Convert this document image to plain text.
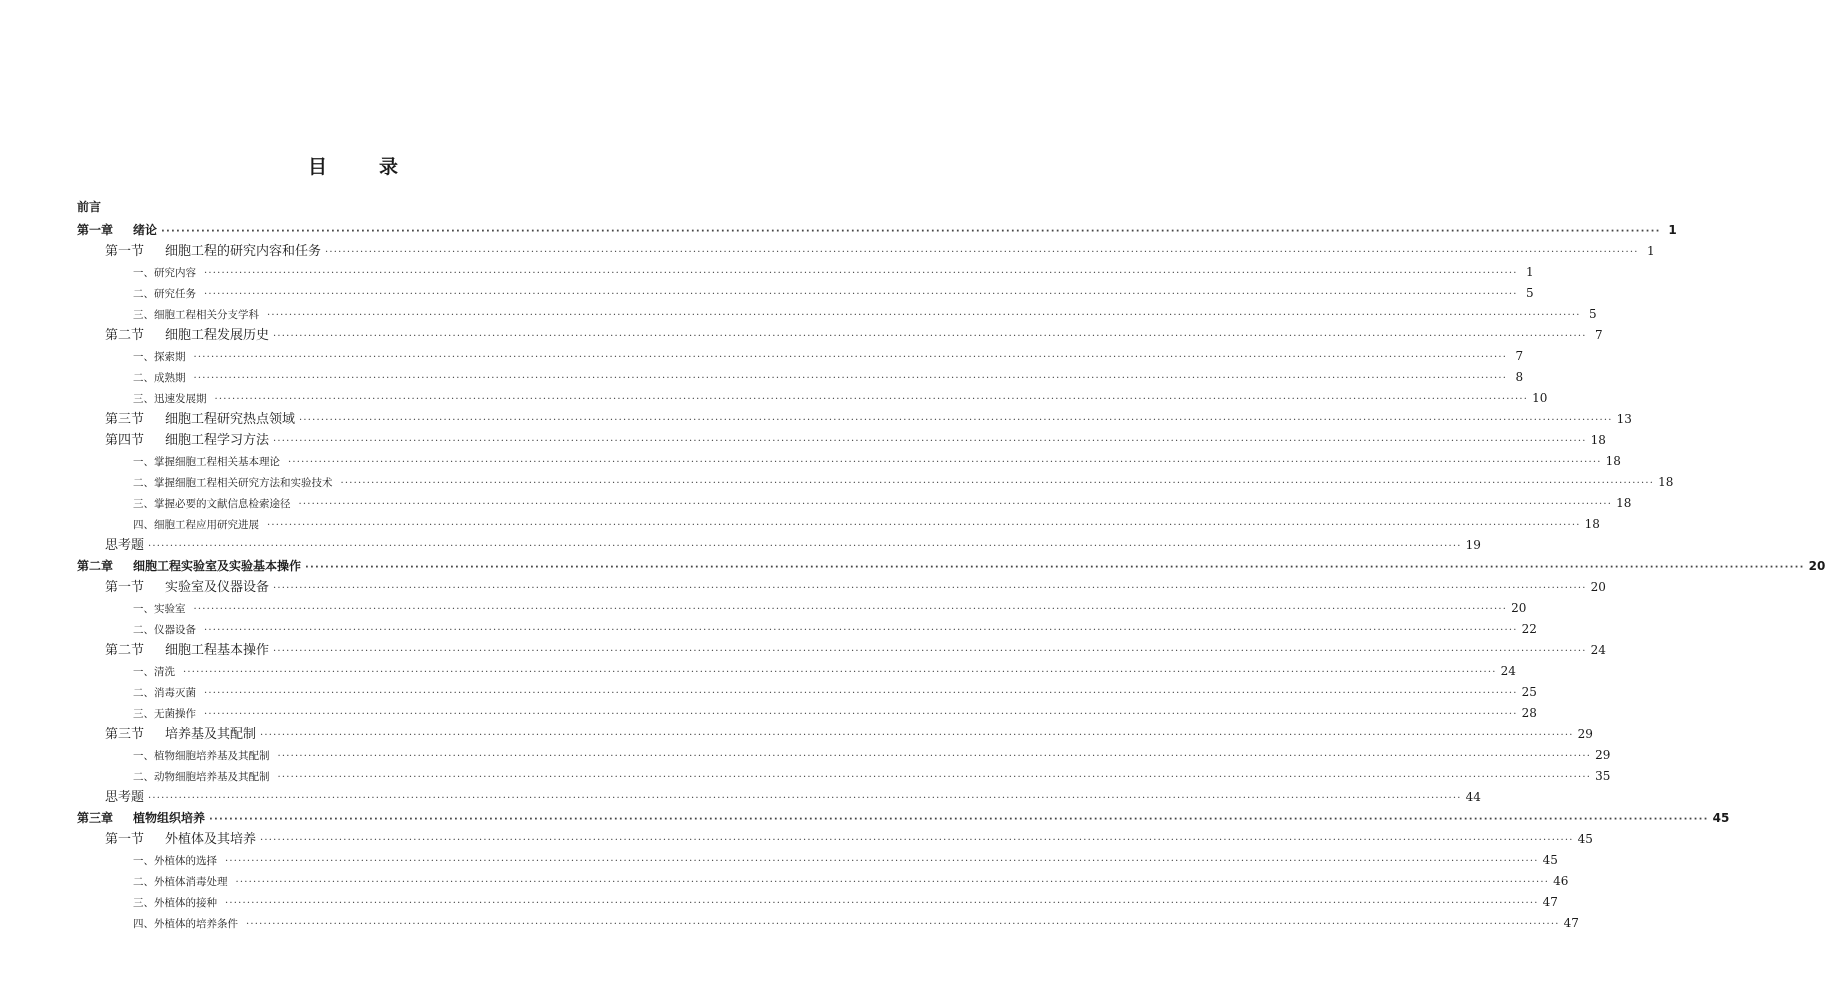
目	录
前言
第一章 绪论 ············································································································································································································································································································ 1
第一节 细胞工程的研究内容和任务 ············································································································································································································································································································ 1
一、研究内容 ············································································································································································································································································································ 1
二、研究任务 ············································································································································································································································································································ 5
三、细胞工程相关分支学科 ············································································································································································································································································································ 5
第二节 细胞工程发展历史 ············································································································································································································································································································ 7
一、探索期 ············································································································································································································································································································ 7
二、成熟期 ············································································································································································································································································································ 8
三、迅速发展期 ············································································································································································································································································································ 10
第三节 细胞工程研究热点领域 ············································································································································································································································································································ 13
第四节 细胞工程学习方法 ············································································································································································································································································································ 18
一、掌握细胞工程相关基本理论 ············································································································································································································································································································ 18
二、掌握细胞工程相关研究方法和实验技术 ············································································································································································································································································································ 18
三、掌握必要的文献信息检索途径 ············································································································································································································································································································ 18
四、细胞工程应用研究进展 ············································································································································································································································································································ 18
思考题 ············································································································································································································································································································ 19
第二章 细胞工程实验室及实验基本操作 ············································································································································································································································································································ 20
第一节 实验室及仪器设备 ············································································································································································································································································································ 20
一、实验室 ············································································································································································································································································································ 20
二、仪器设备 ············································································································································································································································································································ 22
第二节 细胞工程基本操作 ············································································································································································································································································································ 24
一、清洗 ············································································································································································································································································································ 24
二、消毒灭菌 ············································································································································································································································································································ 25
三、无菌操作 ············································································································································································································································································································ 28
第三节 培养基及其配制 ············································································································································································································································································································ 29
一、植物细胞培养基及其配制 ············································································································································································································································································································ 29
二、动物细胞培养基及其配制 ············································································································································································································································································································ 35
思考题 ············································································································································································································································································································ 44
第三章 植物组织培养 ············································································································································································································································································································ 45
第一节 外植体及其培养 ············································································································································································································································································································ 45
一、外植体的选择 ············································································································································································································································································································ 45
二、外植体消毒处理 ············································································································································································································································································································ 46
三、外植体的接种 ············································································································································································································································································································ 47
四、外植体的培养条件 ············································································································································································································································································································ 47
